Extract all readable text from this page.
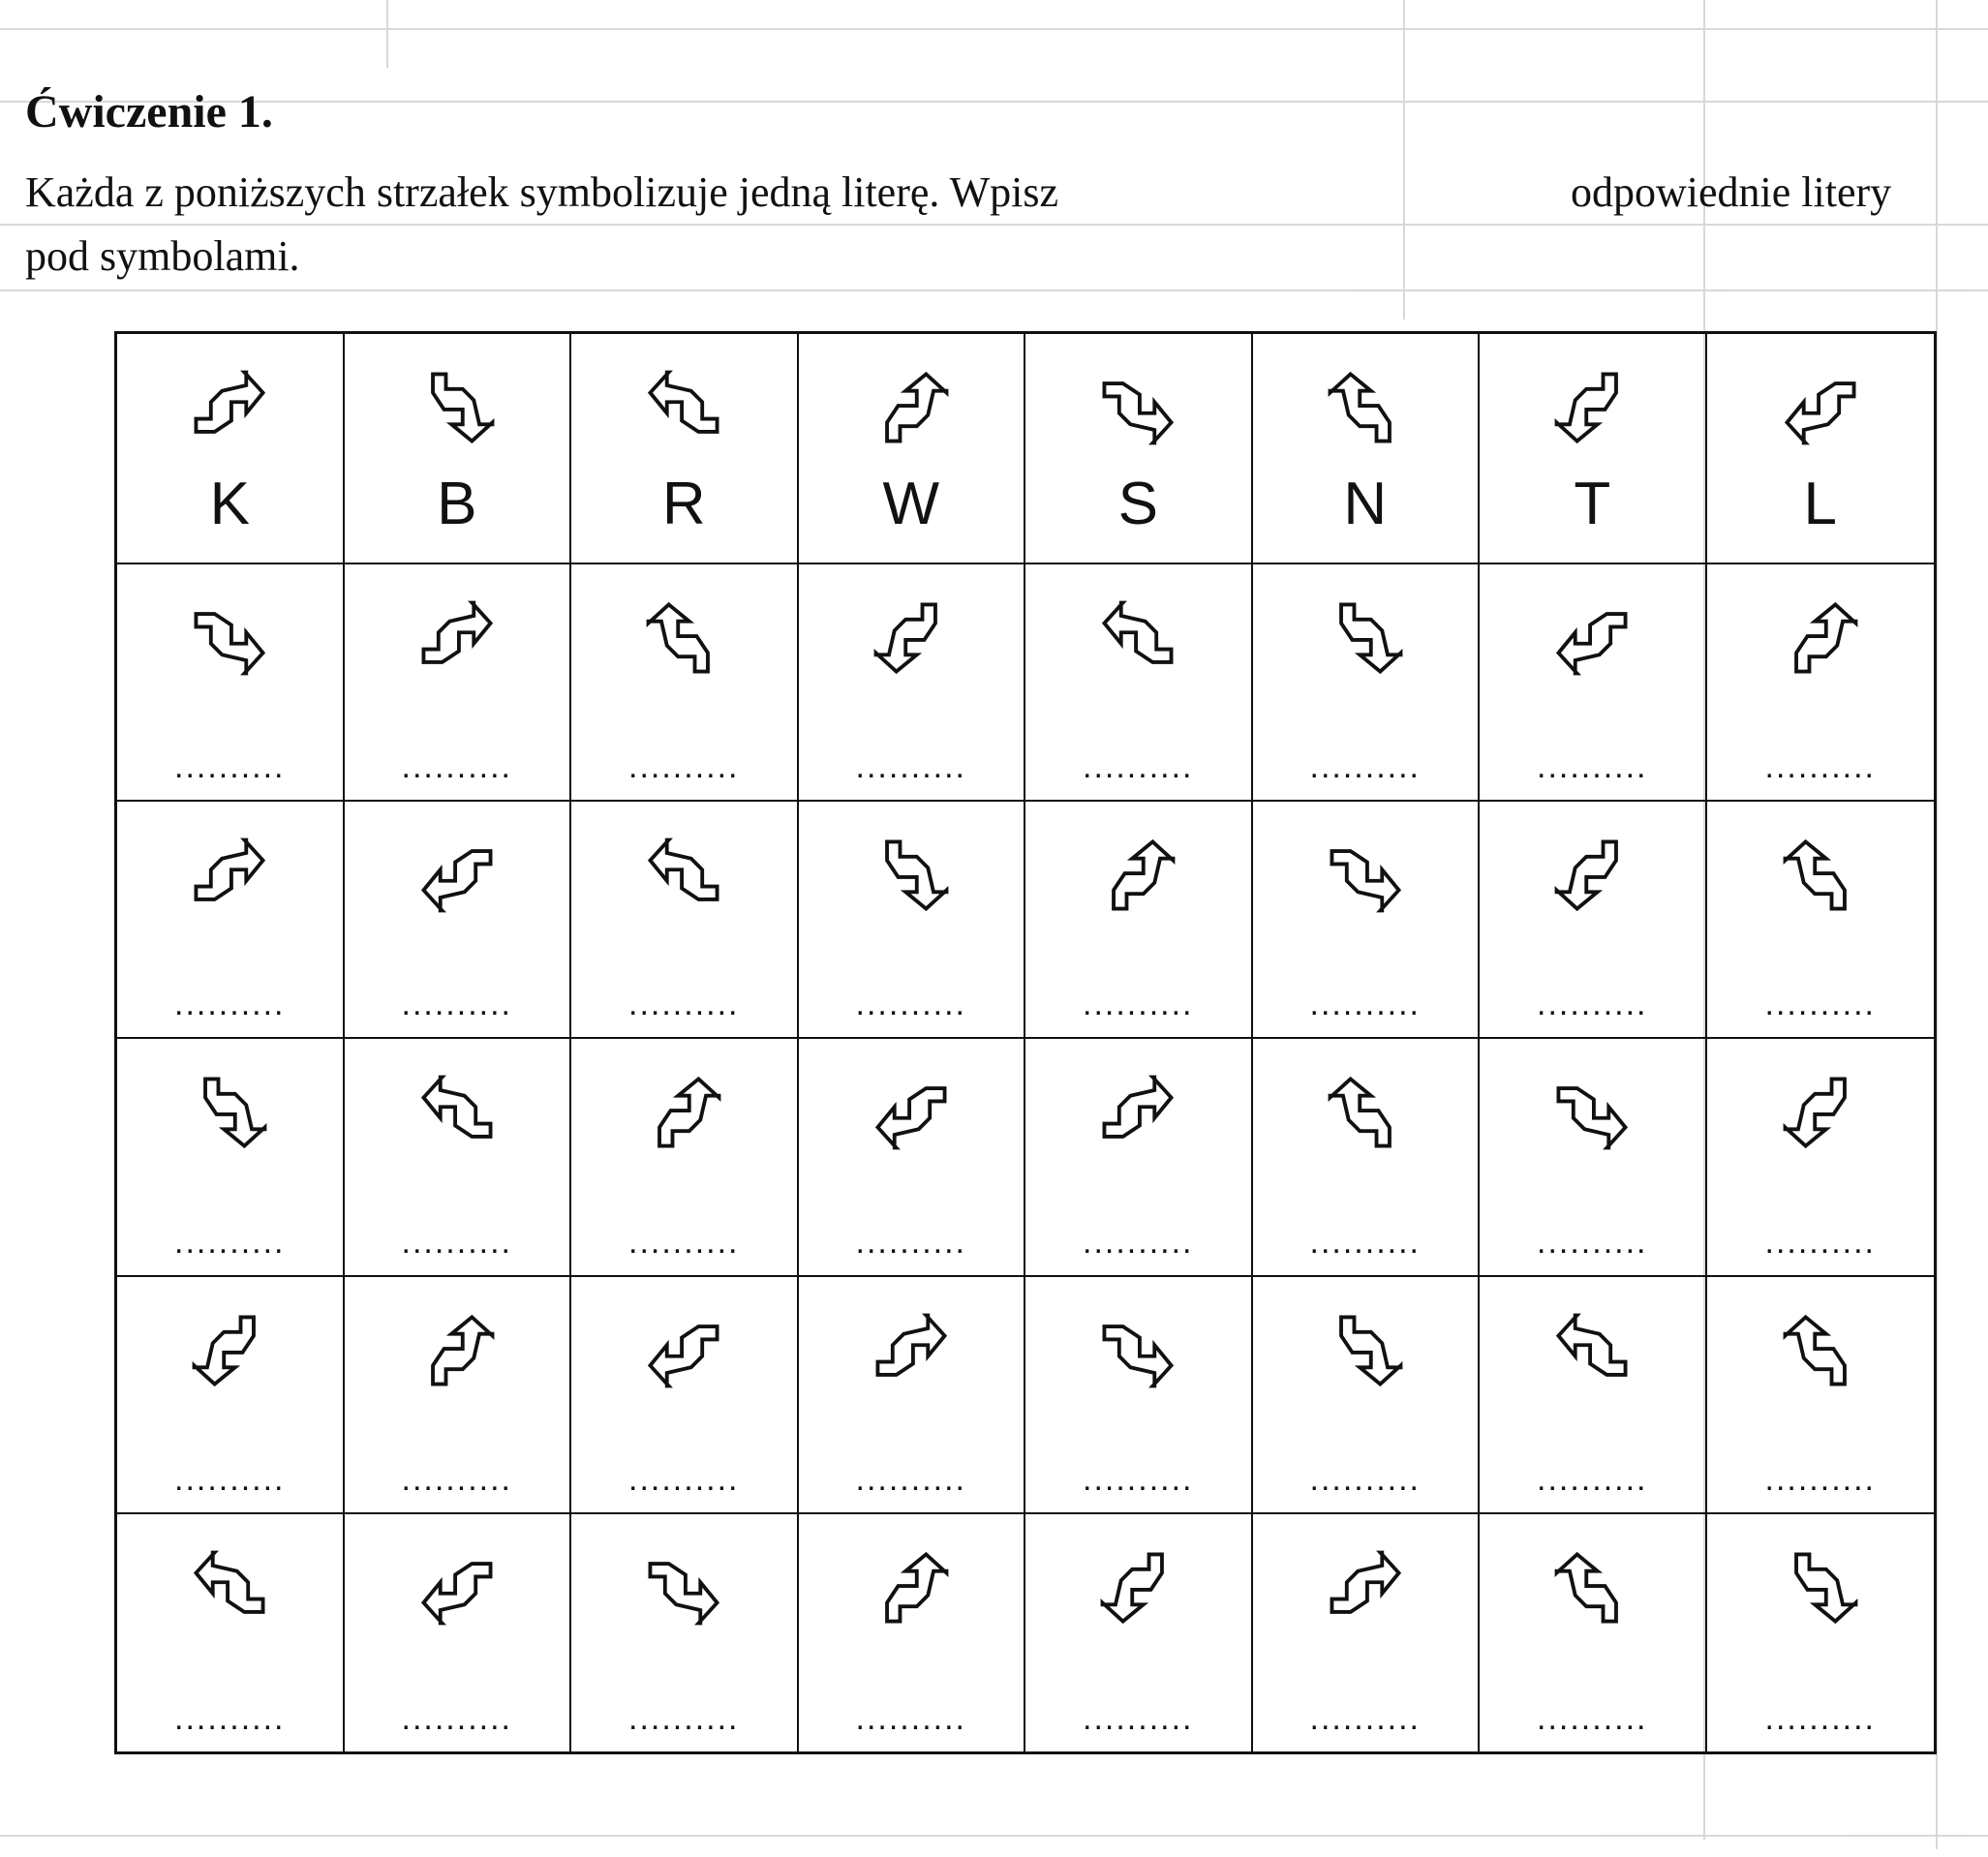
Ćwiczenie 1.
Każda z poniższych strzałek symbolizuje jedną literę. Wpisz	odpowiednie litery
pod symbolami.
K	B	R	W	S	N	T	L
..........	..........	..........	..........	..........	..........	..........	..........
..........	..........	..........	..........	..........	..........	..........	..........
..........	..........	..........	..........	..........	..........	..........	..........
..........	..........	..........	..........	..........	..........	..........	..........
..........	..........	..........	..........	..........	..........	..........	..........
